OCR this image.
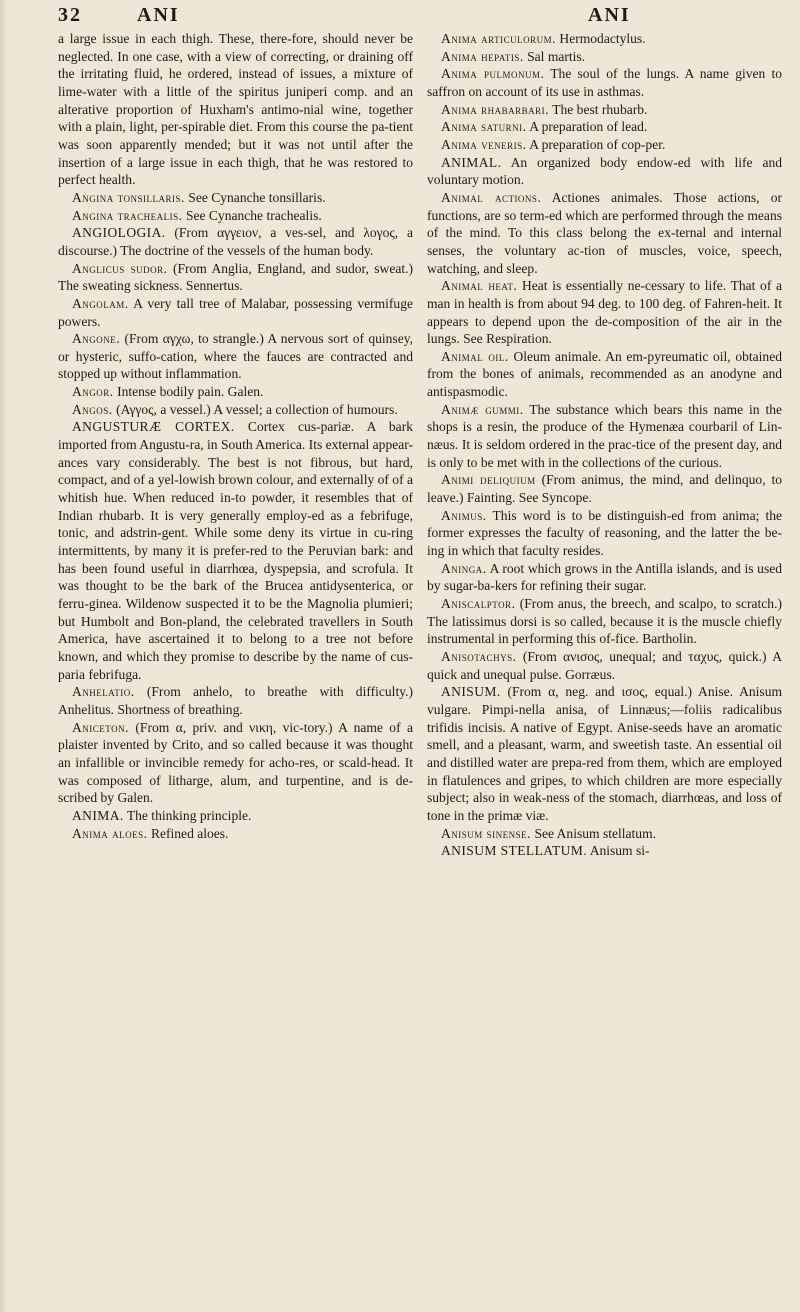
32	ANI	ANI

a large issue in each thigh. These, there-fore, should never be neglected. In one case, with a view of correcting, or draining off the irritating fluid, he ordered, instead of issues, a mixture of lime-water with a little of the spiritus juniperi comp. and an alterative proportion of Huxham's antimo-nial wine, together with a plain, light, per-spirable diet. From this course the pa-tient was soon apparently mended; but it was not until after the insertion of a large issue in each thigh, that he was restored to perfect health.

Angina tonsillaris. See Cynanche tonsillaris.

Angina trachealis. See Cynanche trachealis.

ANGIOLOGIA. (From αγγειον, a ves-sel, and λογος, a discourse.) The doctrine of the vessels of the human body.

Anglicus sudor. (From Anglia, England, and sudor, sweat.) The sweating sickness. Sennertus.

Angolam. A very tall tree of Malabar, possessing vermifuge powers.

Angone. (From αγχω, to strangle.) A nervous sort of quinsey, or hysteric, suffo-cation, where the fauces are contracted and stopped up without inflammation.

Angor. Intense bodily pain. Galen.

Angos. (Αγγος, a vessel.) A vessel; a collection of humours.

ANGUSTURÆ CORTEX. Cortex cus-pariæ. A bark imported from Angustu-ra, in South America. Its external appear-ances vary considerably. The best is not fibrous, but hard, compact, and of a yel-lowish brown colour, and externally of of a whitish hue. When reduced in-to powder, it resembles that of Indian rhubarb. It is very generally employ-ed as a febrifuge, tonic, and adstrin-gent. While some deny its virtue in cu-ring intermittents, by many it is prefer-red to the Peruvian bark: and has been found useful in diarrhœa, dyspepsia, and scrofula. It was thought to be the bark of the Brucea antidysenterica, or ferru-ginea. Wildenow suspected it to be the Magnolia plumieri; but Humbolt and Bon-pland, the celebrated travellers in South America, have ascertained it to belong to a tree not before known, and which they promise to describe by the name of cus-paria febrifuga.

Anhelatio. (From anhelo, to breathe with difficulty.) Anhelitus. Shortness of breathing.

Aniceton. (From α, priv. and νικη, vic-tory.) A name of a plaister invented by Crito, and so called because it was thought an infallible or invincible remedy for acho-res, or scald-head. It was composed of litharge, alum, and turpentine, and is de-scribed by Galen.

ANIMA. The thinking principle.

Anima aloes. Refined aloes.

Anima articulorum. Hermodactylus.

Anima hepatis. Sal martis.

Anima pulmonum. The soul of the lungs. A name given to saffron on account of its use in asthmas.

Anima rhabarbari. The best rhubarb.

Anima saturni. A preparation of lead.

Anima veneris. A preparation of cop-per.

ANIMAL. An organized body endow-ed with life and voluntary motion.

Animal actions. Actiones animales. Those actions, or functions, are so term-ed which are performed through the means of the mind. To this class belong the ex-ternal and internal senses, the voluntary ac-tion of muscles, voice, speech, watching, and sleep.

Animal heat. Heat is essentially ne-cessary to life. That of a man in health is from about 94 deg. to 100 deg. of Fahren-heit. It appears to depend upon the de-composition of the air in the lungs. See Respiration.

Animal oil. Oleum animale. An em-pyreumatic oil, obtained from the bones of animals, recommended as an anodyne and antispasmodic.

Animæ gummi. The substance which bears this name in the shops is a resin, the produce of the Hymenæa courbaril of Lin-næus. It is seldom ordered in the prac-tice of the present day, and is only to be met with in the collections of the curious.

Animi deliquium (From animus, the mind, and delinquo, to leave.) Fainting. See Syncope.

Animus. This word is to be distinguish-ed from anima; the former expresses the faculty of reasoning, and the latter the be-ing in which that faculty resides.

Aninga. A root which grows in the Antilla islands, and is used by sugar-ba-kers for refining their sugar.

Aniscalptor. (From anus, the breech, and scalpo, to scratch.) The latissimus dorsi is so called, because it is the muscle chiefly instrumental in performing this of-fice. Bartholin.

Anisotachys. (From ανισος, unequal; and ταχυς, quick.) A quick and unequal pulse. Gorræus.

ANISUM. (From α, neg. and ισος, equal.) Anise. Anisum vulgare. Pimpi-nella anisa, of Linnæus;—foliis radicalibus trifidis incisis. A native of Egypt. Anise-seeds have an aromatic smell, and a pleasant, warm, and sweetish taste. An essential oil and distilled water are prepa-red from them, which are employed in flatulences and gripes, to which children are more especially subject; also in weak-ness of the stomach, diarrhœas, and loss of tone in the primæ viæ.

Anisum sinense. See Anisum stellatum.

ANISUM STELLATUM. Anisum si-
